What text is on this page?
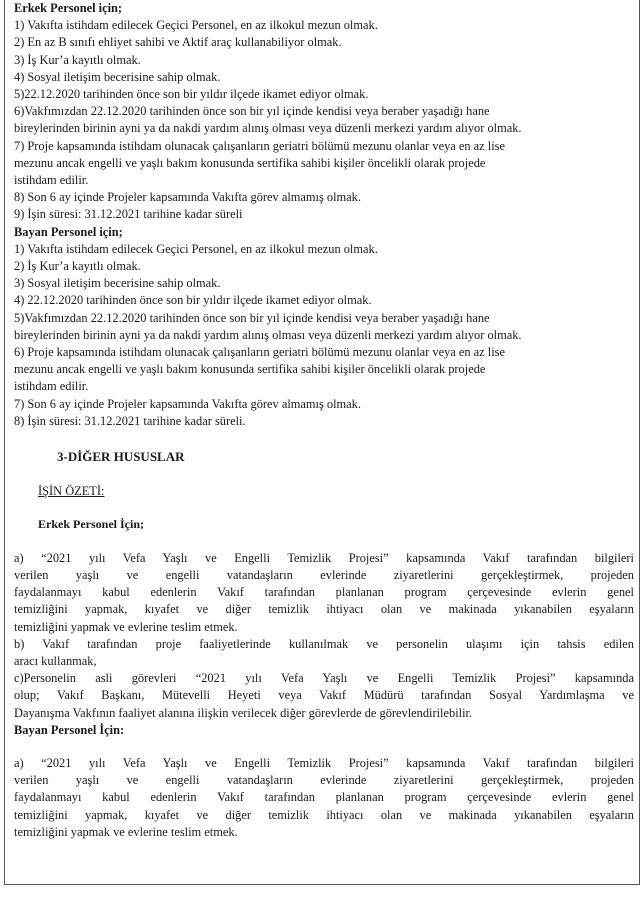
Erkek Personel için;
1) Vakıfta istihdam edilecek Geçici Personel, en az ilkokul mezun olmak.
2) En az B sınıfı ehliyet sahibi ve Aktif araç kullanabiliyor olmak.
3) İş Kur’a kayıtlı olmak.
4) Sosyal iletişim becerisine sahip olmak.
5)22.12.2020 tarihinden önce son bir yıldır ilçede ikamet ediyor olmak.
6)Vakfımızdan 22.12.2020 tarihinden önce son bir yıl içinde kendisi veya beraber yaşadığı hane
bireylerinden birinin ayni ya da nakdi yardım alınış olması veya düzenli merkezi yardım alıyor olmak.
7) Proje kapsamında istihdam olunacak çalışanların geriatri bölümü mezunu olanlar veya en az lise
mezunu ancak engelli ve yaşlı bakım konusunda sertifika sahibi kişiler öncelikli olarak projede
istihdam edilir.
8) Son 6 ay içinde Projeler kapsamında Vakıfta görev almamış olmak.
9) İşin süresi: 31.12.2021 tarihine kadar süreli
Bayan Personel için;
1) Vakıfta istihdam edilecek Geçici Personel, en az ilkokul mezun olmak.
2) İş Kur’a kayıtlı olmak.
3) Sosyal iletişim becerisine sahip olmak.
4) 22.12.2020 tarihinden önce son bir yıldır ilçede ikamet ediyor olmak.
5)Vakfımızdan 22.12.2020 tarihinden önce son bir yıl içinde kendisi veya beraber yaşadığı hane
bireylerinden birinin ayni ya da nakdi yardım alınış olması veya düzenli merkezi yardım alıyor olmak.
6) Proje kapsamında istihdam olunacak çalışanların geriatri bölümü mezunu olanlar veya en az lise
mezunu ancak engelli ve yaşlı bakım konusunda sertifika sahibi kişiler öncelikli olarak projede
istihdam edilir.
7) Son 6 ay içinde Projeler kapsamında Vakıfta görev almamış olmak.
8) İşin süresi: 31.12.2021 tarihine kadar süreli.
3-DİĞER HUSUSLAR
İŞİN ÖZETİ:
Erkek Personel İçin;
a) “2021 yılı Vefa Yaşlı ve Engelli Temizlik Projesi” kapsamında Vakıf tarafından bilgileri
verilen yaşlı ve engelli vatandaşların evlerinde ziyaretlerini gerçekleştirmek, projeden
faydalanmayı kabul edenlerin Vakıf tarafından planlanan program çerçevesinde evlerin genel
temizliğini yapmak, kıyafet ve diğer temizlik ihtiyacı olan ve makinada yıkanabilen eşyaların
temizliğini yapmak ve evlerine teslim etmek.
b) Vakıf tarafından proje faaliyetlerinde kullanılmak ve personelin ulaşımı için tahsis edilen
aracı kullanmak,
c)Personelin asli görevleri “2021 yılı Vefa Yaşlı ve Engelli Temizlik Projesi” kapsamında
olup; Vakıf Başkanı, Mütevelli Heyeti veya Vakıf Müdürü tarafından Sosyal Yardımlaşma ve
Dayanışma Vakfının faaliyet alanına ilişkin verilecek diğer görevlerde de görevlendirilebilir.
Bayan Personel İçin:
a) “2021 yılı Vefa Yaşlı ve Engelli Temizlik Projesi” kapsamında Vakıf tarafından bilgileri
verilen yaşlı ve engelli vatandaşların evlerinde ziyaretlerini gerçekleştirmek, projeden
faydalanmayı kabul edenlerin Vakıf tarafından planlanan program çerçevesinde evlerin genel
temizliğini yapmak, kıyafet ve diğer temizlik ihtiyacı olan ve makinada yıkanabilen eşyaların
temizliğini yapmak ve evlerine teslim etmek.
